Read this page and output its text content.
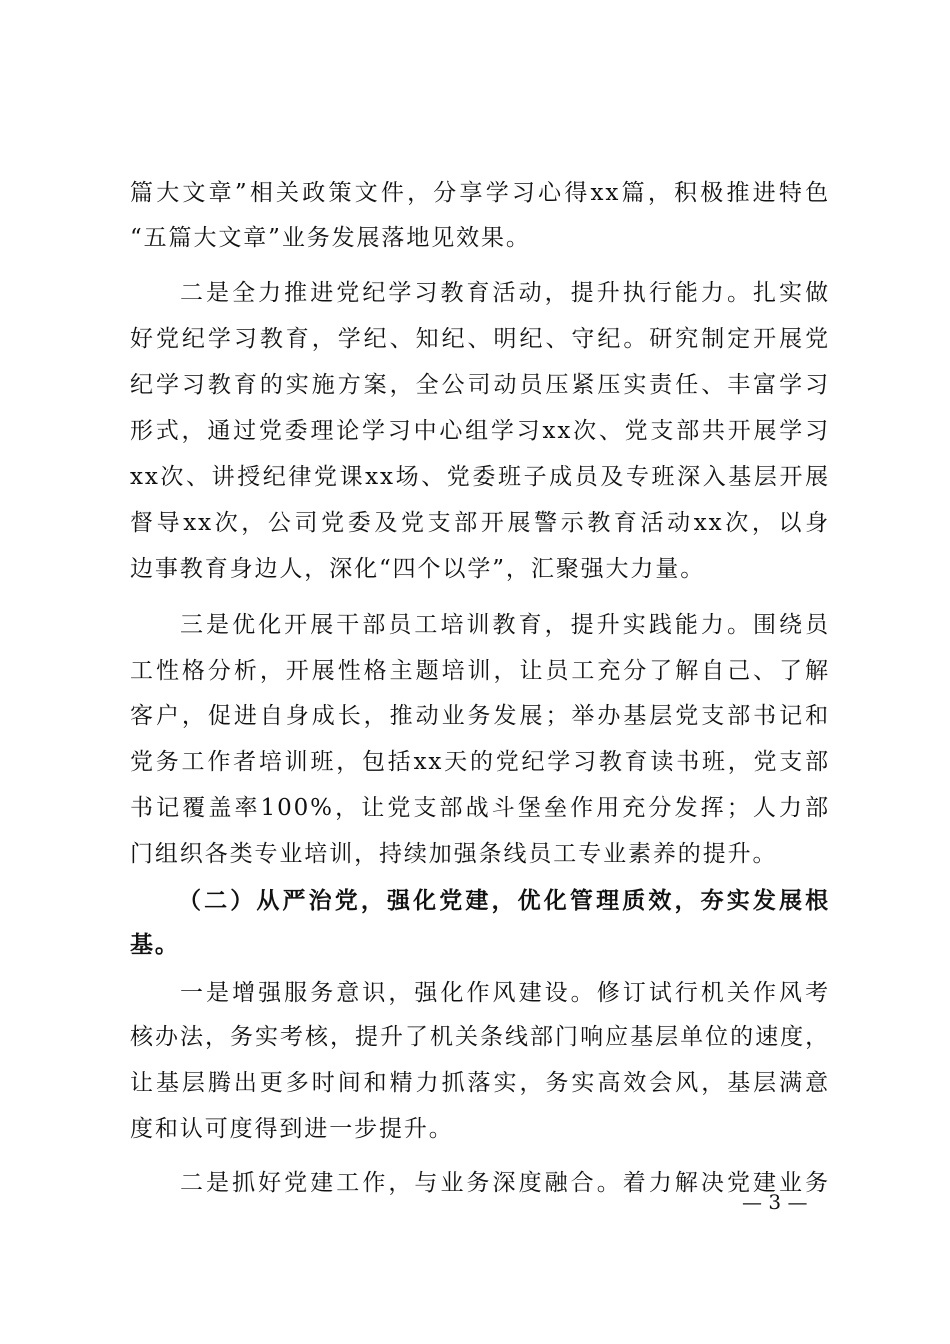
篇大文章”相关政策文件，分享学习心得xx篇，积极推进特色
“五篇大文章”业务发展落地见效果。
二是全力推进党纪学习教育活动，提升执行能力。扎实做
好党纪学习教育，学纪、知纪、明纪、守纪。研究制定开展党
纪学习教育的实施方案，全公司动员压紧压实责任、丰富学习
形式，通过党委理论学习中心组学习xx次、党支部共开展学习
xx次、讲授纪律党课xx场、党委班子成员及专班深入基层开展
督导xx次，公司党委及党支部开展警示教育活动xx次，以身
边事教育身边人，深化“四个以学”，汇聚强大力量。
三是优化开展干部员工培训教育，提升实践能力。围绕员
工性格分析，开展性格主题培训，让员工充分了解自己、了解
客户，促进自身成长，推动业务发展；举办基层党支部书记和
党务工作者培训班，包括xx天的党纪学习教育读书班，党支部
书记覆盖率100%，让党支部战斗堡垒作用充分发挥；人力部
门组织各类专业培训，持续加强条线员工专业素养的提升。
（二）从严治党，强化党建，优化管理质效，夯实发展根
基。
一是增强服务意识，强化作风建设。修订试行机关作风考
核办法，务实考核，提升了机关条线部门响应基层单位的速度，
让基层腾出更多时间和精力抓落实，务实高效会风，基层满意
度和认可度得到进一步提升。
二是抓好党建工作，与业务深度融合。着力解决党建业务
— 3 —
